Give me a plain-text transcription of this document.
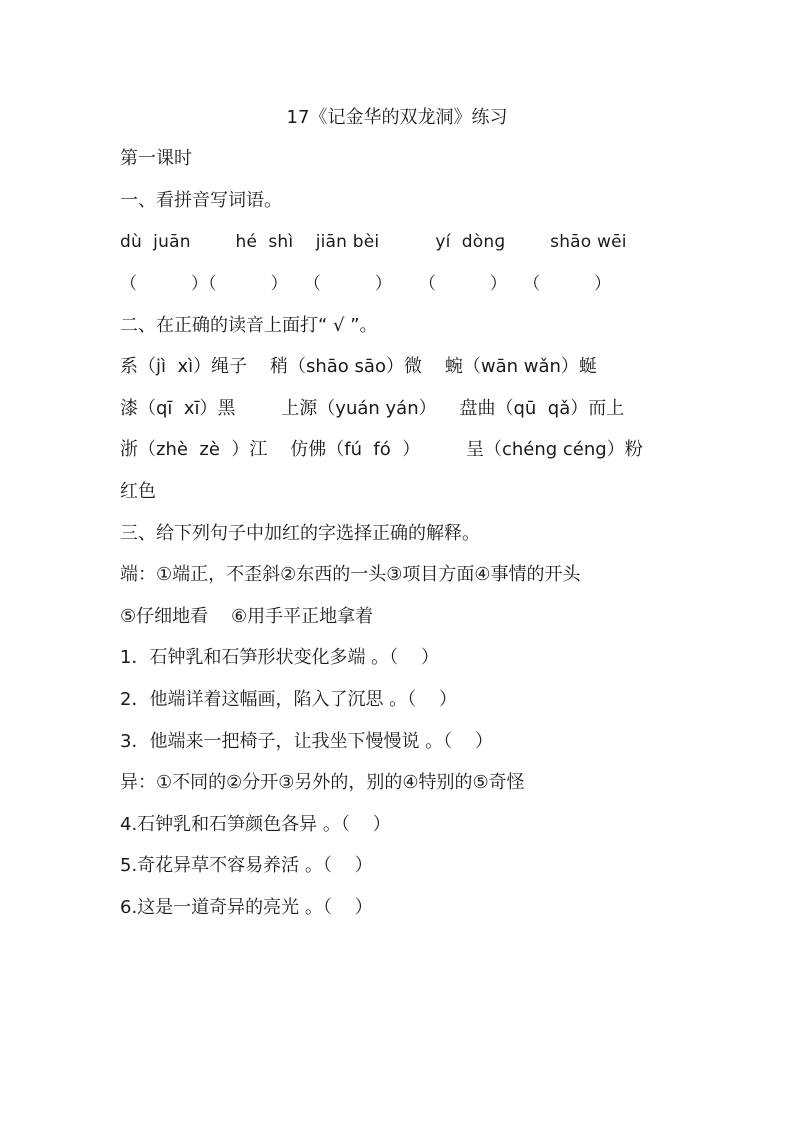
17《记金华的双龙洞》练习
第一课时
一、看拼音写词语。
dù  juān        hé  shì    jiān bèi          yí  dònɡ        shāo wēi
（          ）（          ）   （          ）     （          ）   （          ）
二、在正确的读音上面打“ √ ”。
系（jì  xì）绳子    稍（shāo sāo）微    蜿（wān wǎn）蜒
漆（qī  xī）黑        上源（yuán yán）    盘曲（qū  qǎ）而上
浙（zhè  zè  ）江    仿佛（fú  fó  ）        呈（chéng céng）粉
红色
三、给下列句子中加红的字选择正确的解释。
端：①端正，不歪斜②东西的一头③项目方面④事情的开头
⑤仔细地看    ⑥用手平正地拿着
1．石钟乳和石笋形状变化多端 。（    ）
2．他端详着这幅画，陷入了沉思 。（    ）
3．他端来一把椅子，让我坐下慢慢说 。（    ）
异：①不同的②分开③另外的，别的④特别的⑤奇怪
4.石钟乳和石笋颜色各异 。（    ）
5.奇花异草不容易养活 。（    ）
6.这是一道奇异的亮光 。（    ）
